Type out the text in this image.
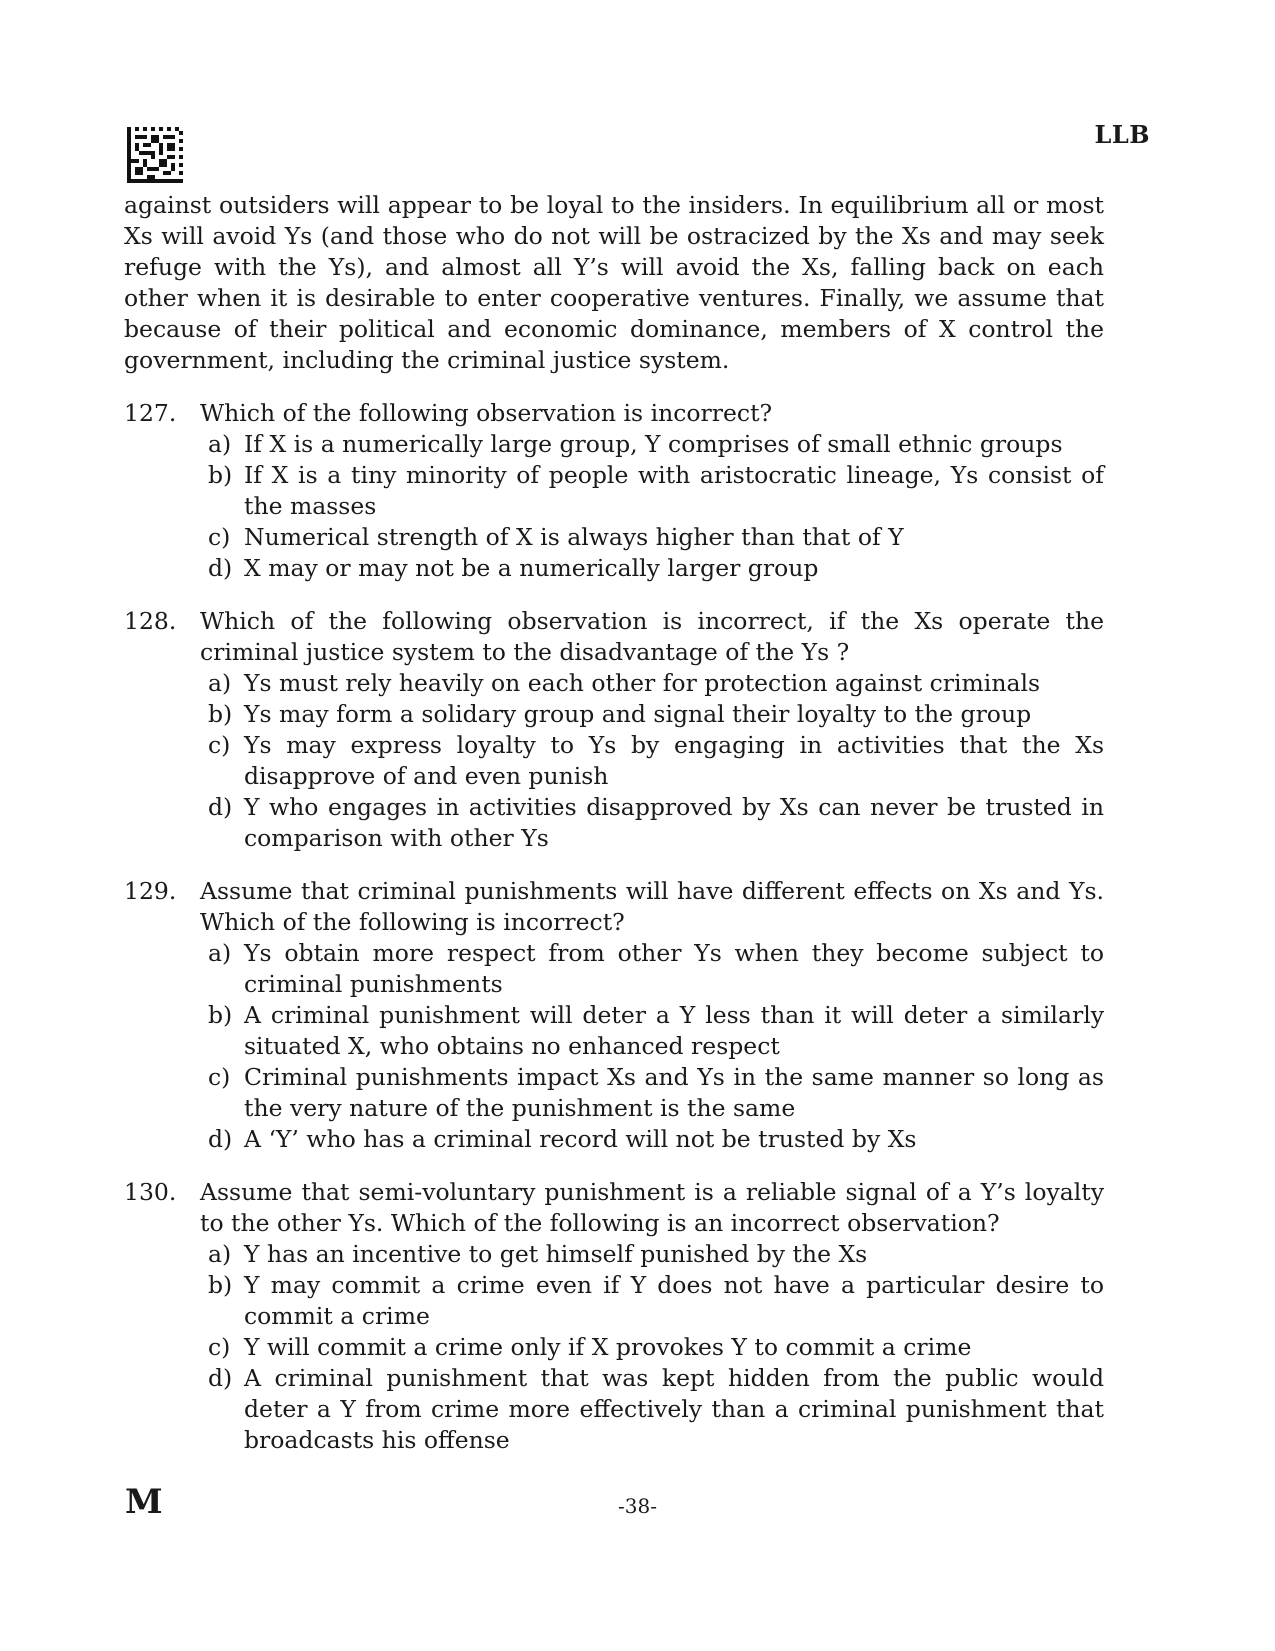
LLB

against outsiders will appear to be loyal to the insiders. In equilibrium all or most Xs will avoid Ys (and those who do not will be ostracized by the Xs and may seek refuge with the Ys), and almost all Y’s will avoid the Xs, falling back on each other when it is desirable to enter cooperative ventures. Finally, we assume that because of their political and economic dominance, members of X control the government, including the criminal justice system.

127.	Which of the following observation is incorrect?
a) If X is a numerically large group, Y comprises of small ethnic groups
b) If X is a tiny minority of people with aristocratic lineage, Ys consist of the masses
c) Numerical strength of X is always higher than that of Y
d) X may or may not be a numerically larger group
128.	Which of the following observation is incorrect, if the Xs operate the criminal justice system to the disadvantage of the Ys ?
a) Ys must rely heavily on each other for protection against criminals
b) Ys may form a solidary group and signal their loyalty to the group
c) Ys may express loyalty to Ys by engaging in activities that the Xs disapprove of and even punish
d) Y who engages in activities disapproved by Xs can never be trusted in comparison with other Ys
129.	Assume that criminal punishments will have different effects on Xs and Ys. Which of the following is incorrect?
a) Ys obtain more respect from other Ys when they become subject to criminal punishments
b) A criminal punishment will deter a Y less than it will deter a similarly situated X, who obtains no enhanced respect
c) Criminal punishments impact Xs and Ys in the same manner so long as the very nature of the punishment is the same
d) A ‘Y’ who has a criminal record will not be trusted by Xs
130.	Assume that semi-voluntary punishment is a reliable signal of a Y’s loyalty to the other Ys. Which of the following is an incorrect observation?
a) Y has an incentive to get himself punished by the Xs
b) Y may commit a crime even if Y does not have a particular desire to commit a crime
c) Y will commit a crime only if X provokes Y to commit a crime
d) A criminal punishment that was kept hidden from the public would deter a Y from crime more effectively than a criminal punishment that broadcasts his offense
M	-38-
